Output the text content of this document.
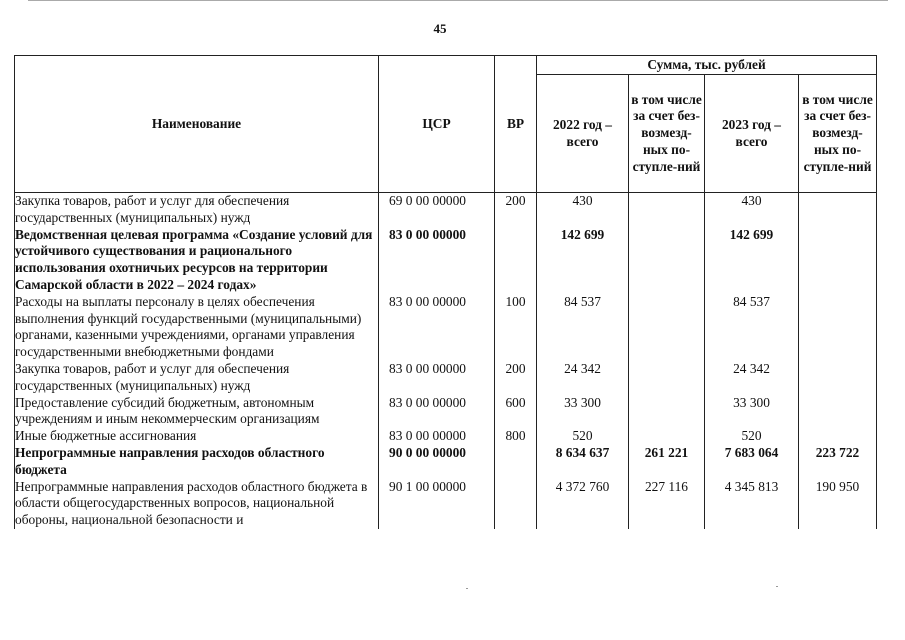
45
Наименование	ЦСР	ВР	Сумма, тыс. рублей			
			2022 год – всего	в том числе за счет без-возмезд-ных по-ступле-ний	2023 год – всего	в том числе за счет без-возмезд-ных по-ступле-ний
Закупка товаров, работ и услуг для обеспечения государственных (муниципальных) нужд	69 0 00 00000	200	430		430	
Ведомственная целевая программа «Создание условий для устойчивого существования и рационального использования охотничьих ресурсов на территории Самарской области в 2022 – 2024 годах»	83 0 00 00000		142 699		142 699	
Расходы на выплаты персоналу в целях обеспечения выполнения функций государственными (муниципальными) органами, казенными учреждениями, органами управления государственными внебюджетными фондами	83 0 00 00000	100	84 537		84 537	
Закупка товаров, работ и услуг для обеспечения государственных (муниципальных) нужд	83 0 00 00000	200	24 342		24 342	
Предоставление субсидий бюджетным, автономным учреждениям и иным некоммерческим организациям	83 0 00 00000	600	33 300		33 300	
Иные бюджетные ассигнования	83 0 00 00000	800	520		520	
Непрограммные направления расходов областного бюджета	90 0 00 00000		8 634 637	261 221	7 683 064	223 722
Непрограммные направления расходов областного бюджета в области общегосударственных вопросов, национальной обороны, национальной безопасности и	90 1 00 00000		4 372 760	227 116	4 345 813	190 950
